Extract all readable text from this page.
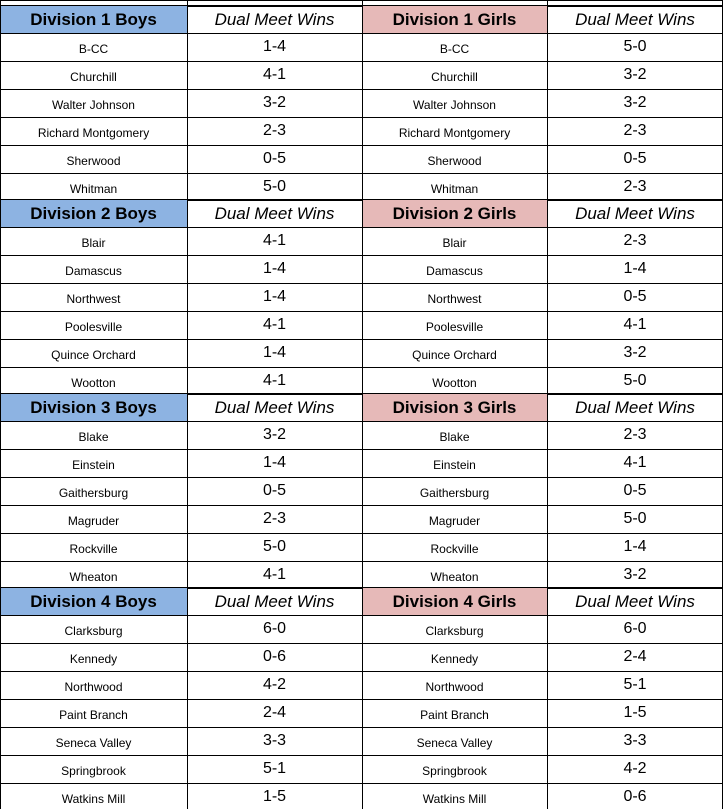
Division 1 Boys	Dual Meet Wins	Division 1 Girls	Dual Meet Wins
B-CC	1-4	B-CC	5-0
Churchill	4-1	Churchill	3-2
Walter Johnson	3-2	Walter Johnson	3-2
Richard Montgomery	2-3	Richard Montgomery	2-3
Sherwood	0-5	Sherwood	0-5
Whitman	5-0	Whitman	2-3
Division 2 Boys	Dual Meet Wins	Division 2 Girls	Dual Meet Wins
Blair	4-1	Blair	2-3
Damascus	1-4	Damascus	1-4
Northwest	1-4	Northwest	0-5
Poolesville	4-1	Poolesville	4-1
Quince Orchard	1-4	Quince Orchard	3-2
Wootton	4-1	Wootton	5-0
Division 3 Boys	Dual Meet Wins	Division 3 Girls	Dual Meet Wins
Blake	3-2	Blake	2-3
Einstein	1-4	Einstein	4-1
Gaithersburg	0-5	Gaithersburg	0-5
Magruder	2-3	Magruder	5-0
Rockville	5-0	Rockville	1-4
Wheaton	4-1	Wheaton	3-2
Division 4 Boys	Dual Meet Wins	Division 4 Girls	Dual Meet Wins
Clarksburg	6-0	Clarksburg	6-0
Kennedy	0-6	Kennedy	2-4
Northwood	4-2	Northwood	5-1
Paint Branch	2-4	Paint Branch	1-5
Seneca Valley	3-3	Seneca Valley	3-3
Springbrook	5-1	Springbrook	4-2
Watkins Mill	1-5	Watkins Mill	0-6
